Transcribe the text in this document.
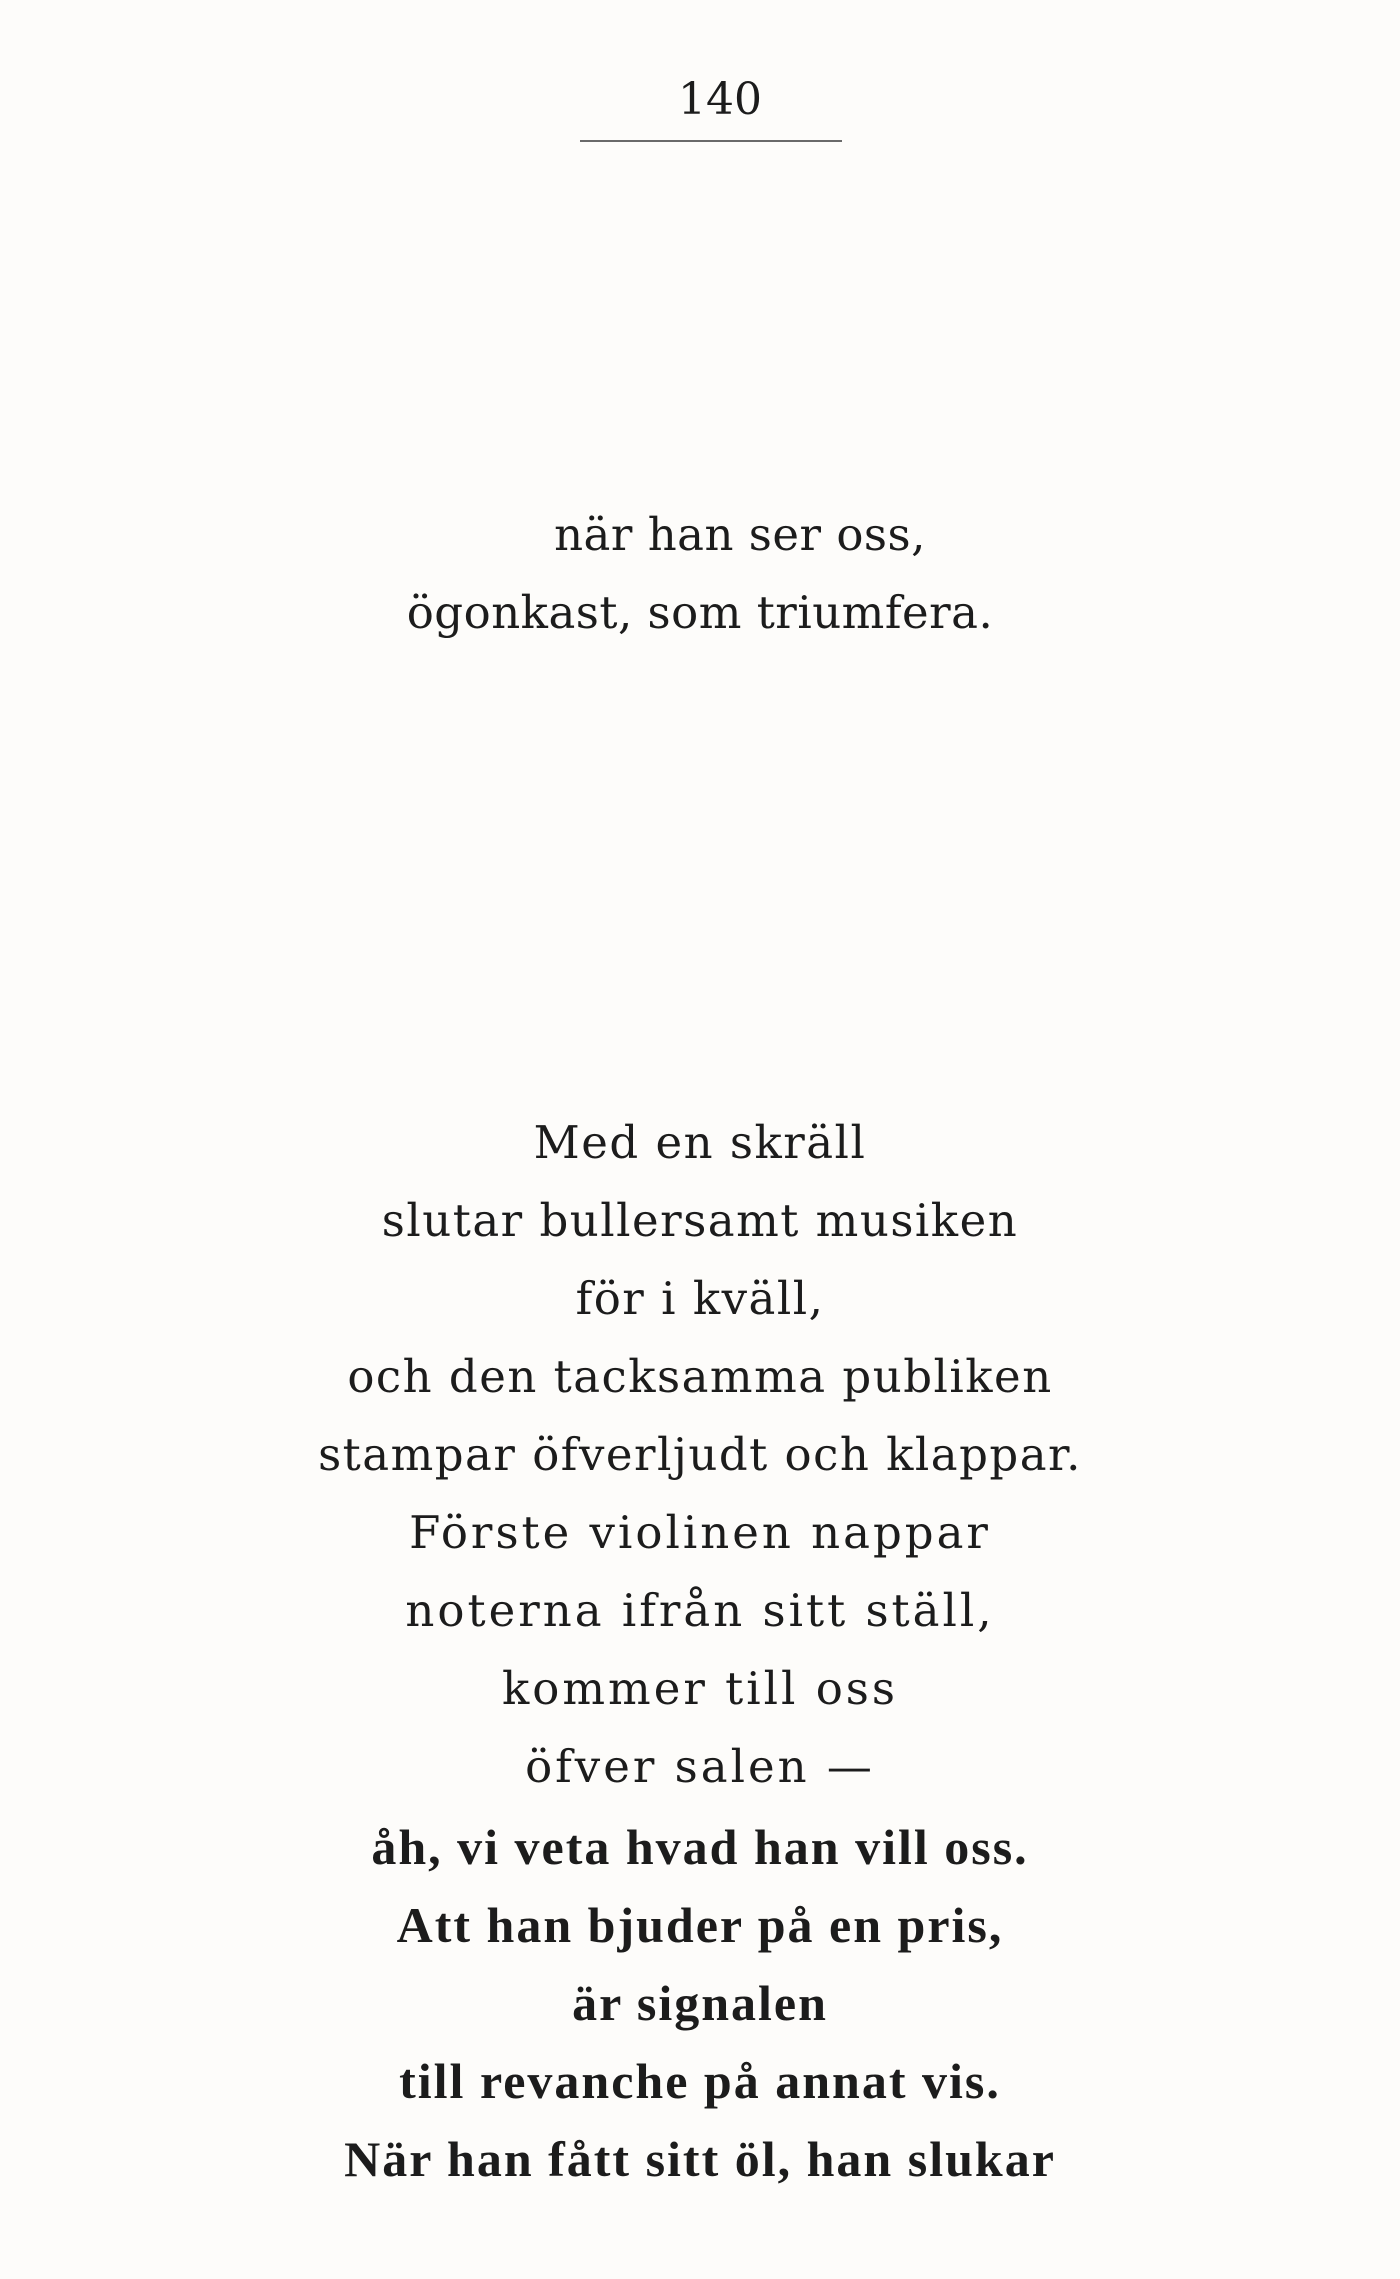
140
när han ser oss,
ögonkast, som triumfera.
Med en skräll
slutar bullersamt musiken
för i kväll,
och den tacksamma publiken
stampar öfverljudt och klappar.
Förste violinen nappar
noterna ifrån sitt ställ,
kommer till oss
öfver salen —
åh, vi veta hvad han vill oss.
Att han bjuder på en pris,
är signalen
till revanche på annat vis.
När han fått sitt öl, han slukar
